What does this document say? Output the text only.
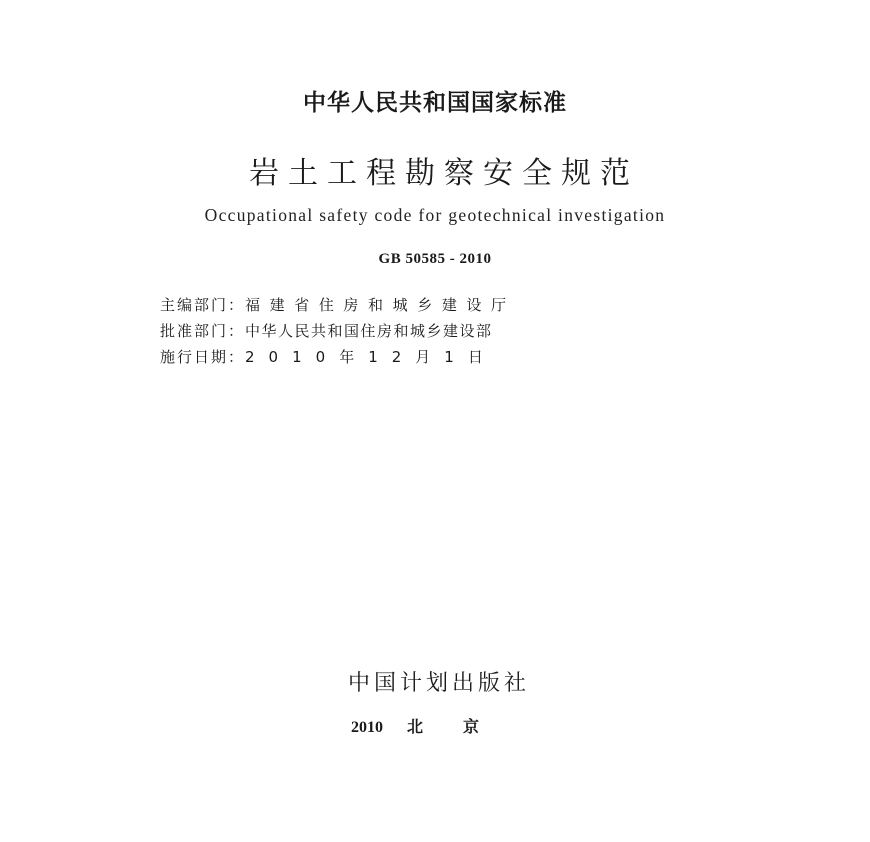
中华人民共和国国家标准
岩土工程勘察安全规范
Occupational safety code for geotechnical investigation
GB 50585 - 2010
主编部门：福建省住房和城乡建设厅
批准部门：中华人民共和国住房和城乡建设部
施行日期：2010年12月1日
中国计划出版社
2010 北京
